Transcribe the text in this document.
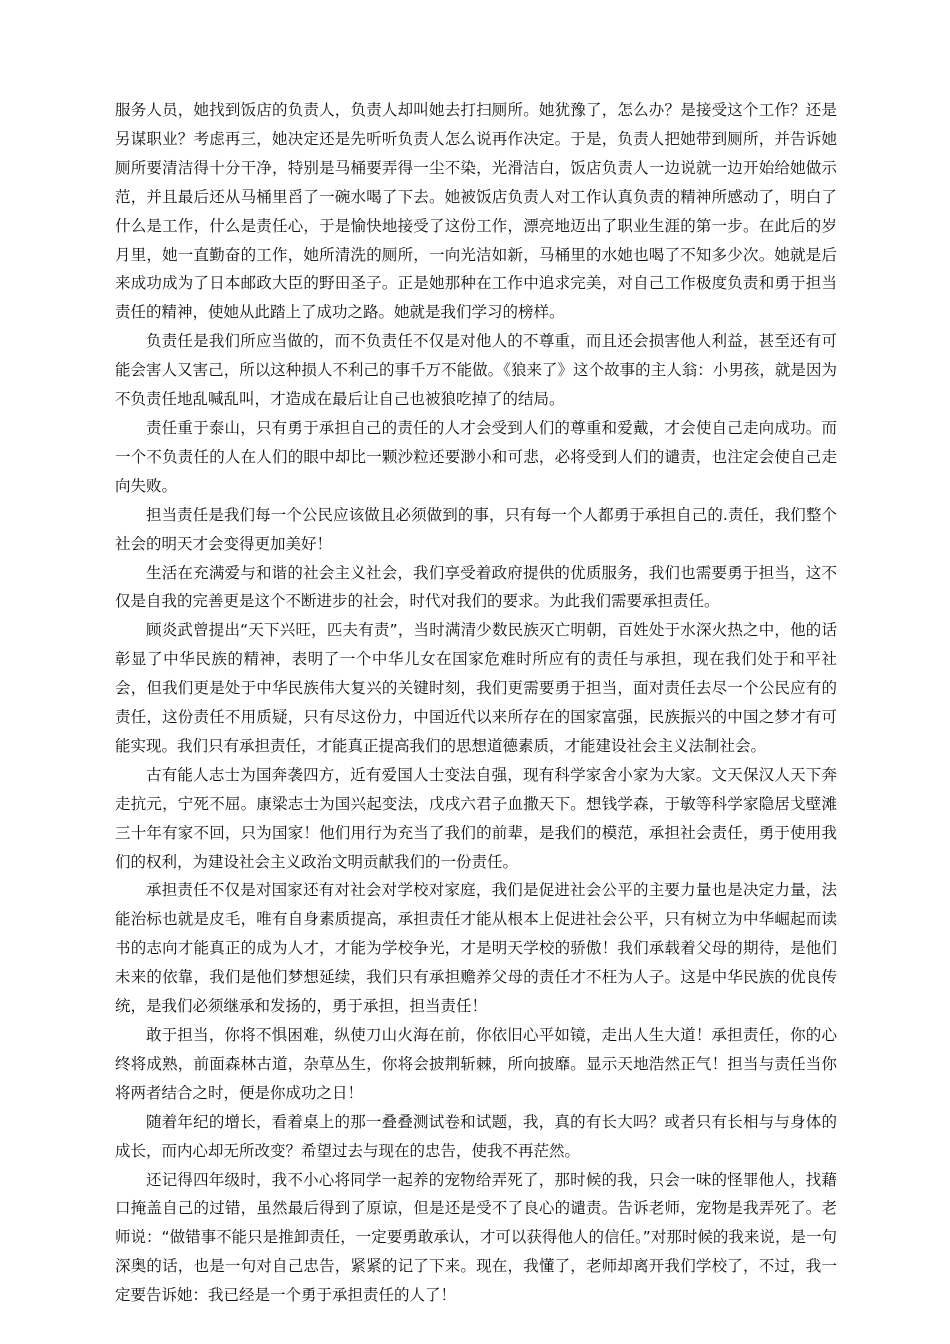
服务人员，她找到饭店的负责人，负责人却叫她去打扫厕所。她犹豫了，怎么办？是接受这个工作？还是另谋职业？考虑再三，她决定还是先听听负责人怎么说再作决定。于是，负责人把她带到厕所，并告诉她厕所要清洁得十分干净，特别是马桶要弄得一尘不染，光滑洁白，饭店负责人一边说就一边开始给她做示范，并且最后还从马桶里舀了一碗水喝了下去。她被饭店负责人对工作认真负责的精神所感动了，明白了什么是工作，什么是责任心，于是愉快地接受了这份工作，漂亮地迈出了职业生涯的第一步。在此后的岁月里，她一直勤奋的工作，她所清洗的厕所，一向光洁如新，马桶里的水她也喝了不知多少次。她就是后来成功成为了日本邮政大臣的野田圣子。正是她那种在工作中追求完美，对自己工作极度负责和勇于担当责任的精神，使她从此踏上了成功之路。她就是我们学习的榜样。

负责任是我们所应当做的，而不负责任不仅是对他人的不尊重，而且还会损害他人利益，甚至还有可能会害人又害己，所以这种损人不利己的事千万不能做。《狼来了》这个故事的主人翁：小男孩，就是因为不负责任地乱喊乱叫，才造成在最后让自己也被狼吃掉了的结局。

责任重于泰山，只有勇于承担自己的责任的人才会受到人们的尊重和爱戴，才会使自己走向成功。而一个不负责任的人在人们的眼中却比一颗沙粒还要渺小和可悲，必将受到人们的谴责，也注定会使自己走向失败。

担当责任是我们每一个公民应该做且必须做到的事，只有每一个人都勇于承担自己的.责任，我们整个社会的明天才会变得更加美好！

生活在充满爱与和谐的社会主义社会，我们享受着政府提供的优质服务，我们也需要勇于担当，这不仅是自我的完善更是这个不断进步的社会，时代对我们的要求。为此我们需要承担责任。

顾炎武曾提出“天下兴旺，匹夫有责”，当时满清少数民族灭亡明朝，百姓处于水深火热之中，他的话彰显了中华民族的精神，表明了一个中华儿女在国家危难时所应有的责任与承担，现在我们处于和平社会，但我们更是处于中华民族伟大复兴的关键时刻，我们更需要勇于担当，面对责任去尽一个公民应有的责任，这份责任不用质疑，只有尽这份力，中国近代以来所存在的国家富强，民族振兴的中国之梦才有可能实现。我们只有承担责任，才能真正提高我们的思想道德素质，才能建设社会主义法制社会。

古有能人志士为国奔袭四方，近有爱国人士变法自强，现有科学家舍小家为大家。文天保汉人天下奔走抗元，宁死不屈。康梁志士为国兴起变法，戊戌六君子血撒天下。想钱学森，于敏等科学家隐居戈壁滩三十年有家不回，只为国家！他们用行为充当了我们的前辈，是我们的模范，承担社会责任，勇于使用我们的权利，为建设社会主义政治文明贡献我们的一份责任。

承担责任不仅是对国家还有对社会对学校对家庭，我们是促进社会公平的主要力量也是决定力量，法能治标也就是皮毛，唯有自身素质提高，承担责任才能从根本上促进社会公平，只有树立为中华崛起而读书的志向才能真正的成为人才，才能为学校争光，才是明天学校的骄傲！我们承载着父母的期待，是他们未来的依靠，我们是他们梦想延续，我们只有承担赡养父母的责任才不枉为人子。这是中华民族的优良传统，是我们必须继承和发扬的，勇于承担，担当责任！

敢于担当，你将不惧困难，纵使刀山火海在前，你依旧心平如镜，走出人生大道！承担责任，你的心终将成熟，前面森林古道，杂草丛生，你将会披荆斩棘，所向披靡。显示天地浩然正气！担当与责任当你将两者结合之时，便是你成功之日！

随着年纪的增长，看着桌上的那一叠叠测试卷和试题，我，真的有长大吗？或者只有长相与与身体的成长，而内心却无所改变？希望过去与现在的忠告，使我不再茫然。

还记得四年级时，我不小心将同学一起养的宠物给弄死了，那时候的我，只会一味的怪罪他人，找藉口掩盖自己的过错，虽然最后得到了原谅，但是还是受不了良心的谴责。告诉老师，宠物是我弄死了。老师说：“做错事不能只是推卸责任，一定要勇敢承认，才可以获得他人的信任。”对那时候的我来说，是一句深奥的话，也是一句对自己忠告，紧紧的记了下来。现在，我懂了，老师却离开我们学校了，不过，我一定要告诉她：我已经是一个勇于承担责任的人了！
